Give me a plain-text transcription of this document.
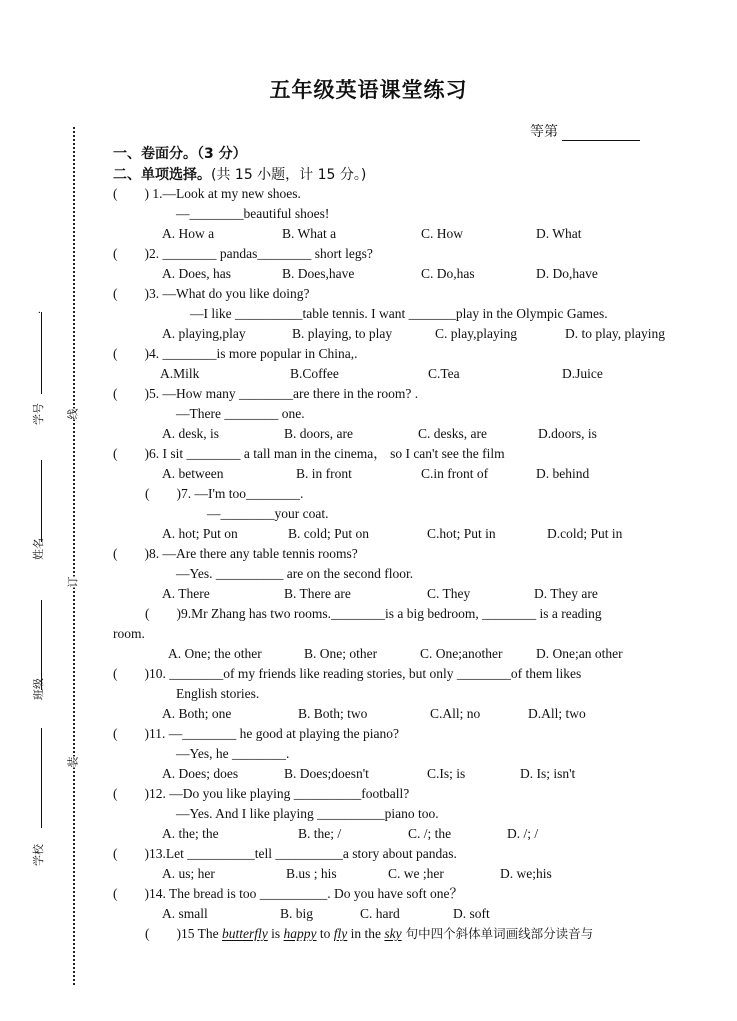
五年级英语课堂练习
等第
一、卷面分。（3 分）
二、单项选择。(共 15 小题，计 15 分。)
学号
姓名
班级
学校
.
线
订
装
(　　) 1.—Look at my new shoes.
—________beautiful shoes!
A. How a	B. What a	C. How	D. What
(　　)2. ________ pandas________ short legs?
A. Does, has	B. Does,have	C. Do,has	D. Do,have
(　　)3. —What do you like doing?
—I like __________table tennis. I want _______play in the Olympic Games.
A. playing,play	B. playing, to play	C. play,playing	D. to play, playing
(　　)4. ________is more popular in China,.
A.Milk	B.Coffee	C.Tea	D.Juice
(　　)5. —How many ________are there in the room? .
—There ________ one.
A. desk, is	B. doors, are	C. desks, are	D.doors, is
(　　)6. I sit ________ a tall man in the cinema， so I can't see the film
A. between	B. in front	C.in front of	D. behind
(　　)7. —I'm too________.
—________your coat.
A. hot; Put on	B. cold; Put on	C.hot; Put in	D.cold; Put in
(　　)8. —Are there any table tennis rooms?
—Yes. __________ are on the second floor.
A. There	B. There are	C. They	D. They are
(　　)9.Mr Zhang has two rooms.________is a big bedroom, ________ is a reading
room.
A. One; the other	B. One; other	C. One;another D. One;an other
(　　)10. ________of my friends like reading stories, but only ________of them likes
English stories.
A. Both; one	B. Both; two	C.All; no	D.All; two
(　　)11. —________ he good at playing the piano?
—Yes, he ________.
A. Does; does	B. Does;doesn't	C.Is; is	D. Is; isn't
(　　)12. —Do you like playing __________football?
—Yes. And I like playing __________piano too.
A. the; the	B. the; /	C. /; the	D. /; /
(　　)13.Let __________tell __________a story about pandas.
A. us; her	B.us ; his	C. we ;her	D. we;his
(　　)14. The bread is too __________. Do you have soft one？
A. small	B. big	C. hard	D. soft
(　　)15 The butterfly is happy to fly in the sky 句中四个斜体单词画线部分读音与
